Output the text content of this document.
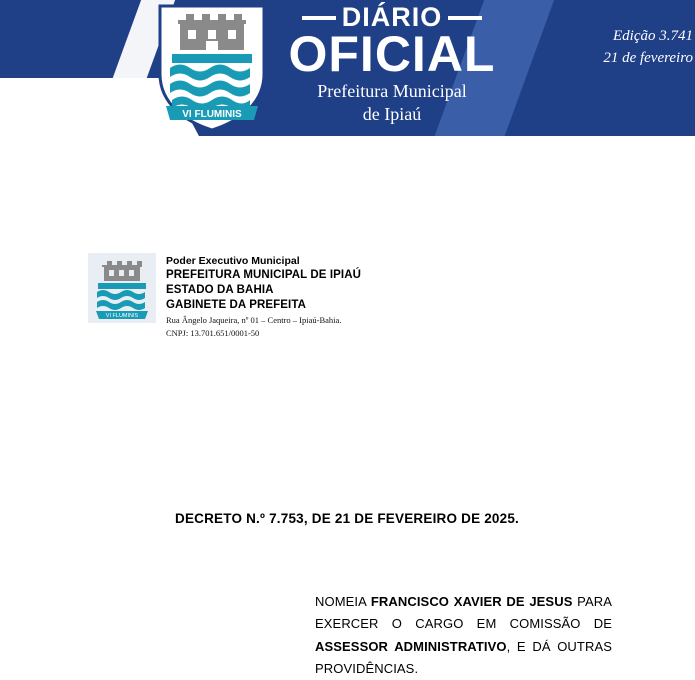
VI FLUMINIS
DIÁRIO
OFICIAL
Prefeitura Municipal
de Ipiaú
Edição 3.741
21 de fevereiro
VI FLUMINIS
Poder Executivo Municipal
PREFEITURA MUNICIPAL DE IPIAÚ
ESTADO DA BAHIA
GABINETE DA PREFEITA
Rua Ângelo Jaqueira, nº 01 – Centro – Ipiaú-Bahia.
CNPJ: 13.701.651/0001-50
DECRETO N.º 7.753, DE 21 DE FEVEREIRO DE 2025.
NOMEIA FRANCISCO XAVIER DE JESUS PARA EXERCER O CARGO EM COMISSÃO DE ASSESSOR ADMINISTRATIVO, E DÁ OUTRAS PROVIDÊNCIAS.
